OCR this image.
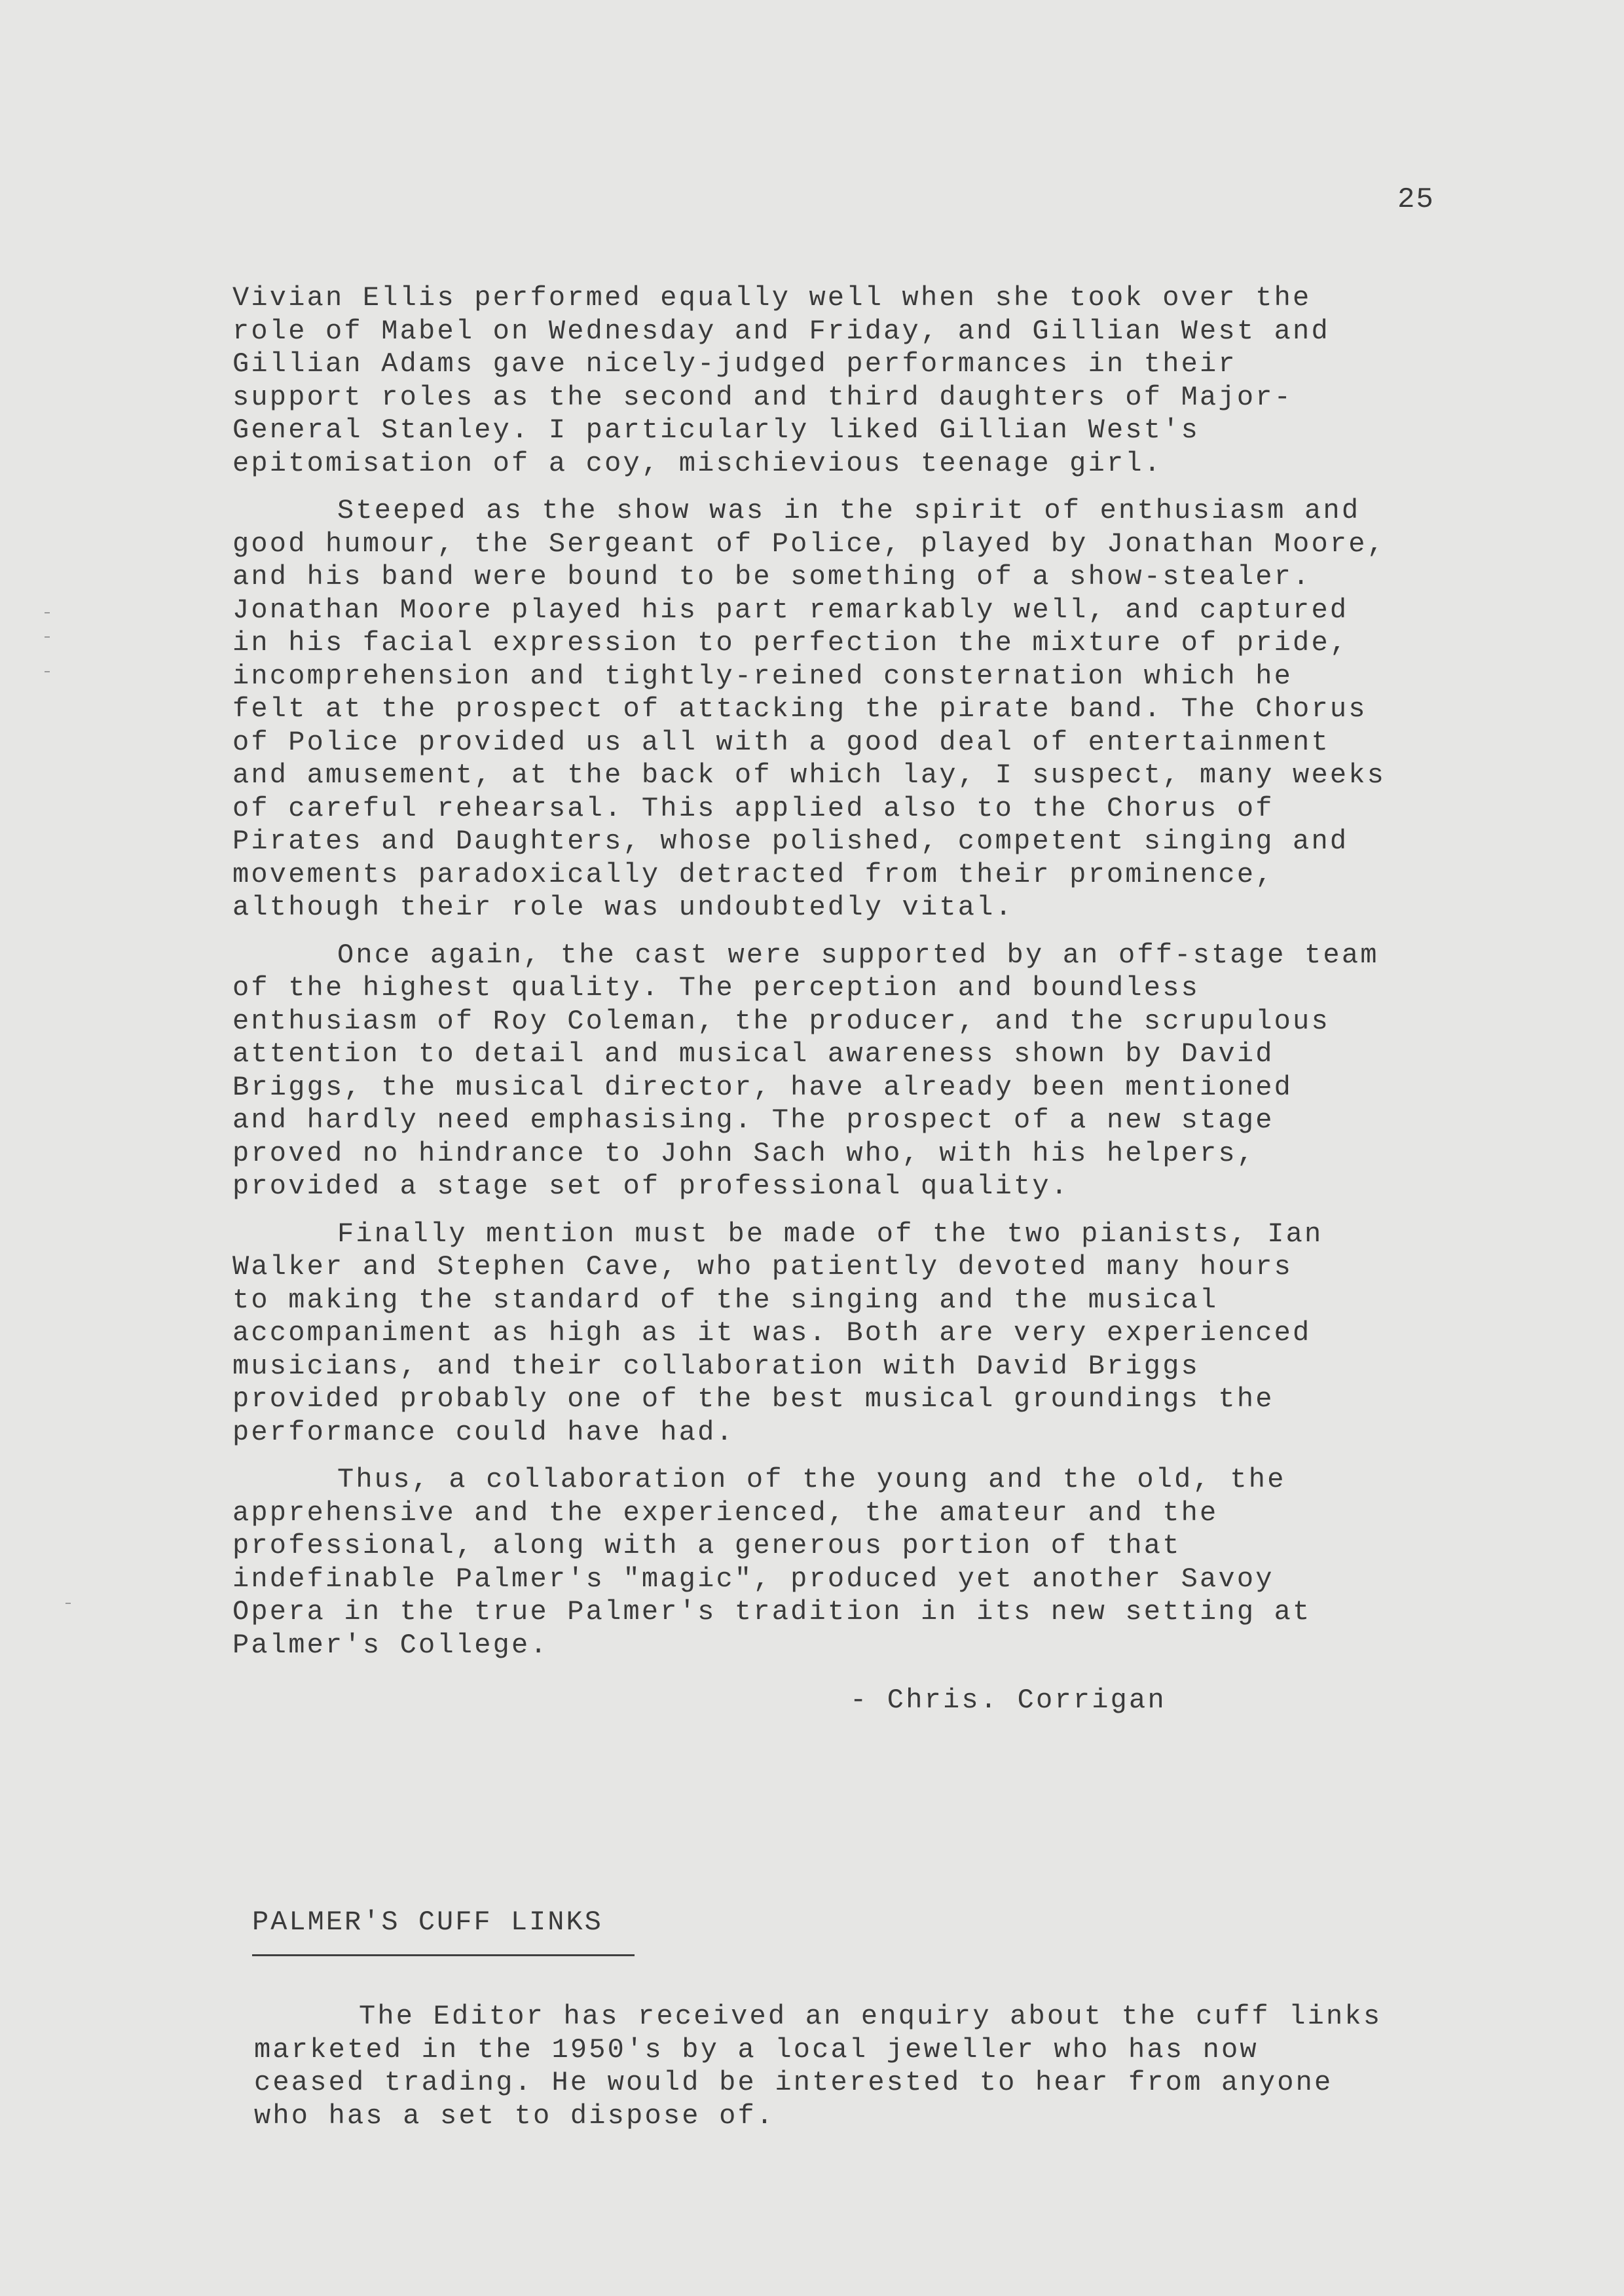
25

Vivian Ellis performed equally well when she took over the
role of Mabel on Wednesday and Friday, and Gillian West and
Gillian Adams gave nicely-judged performances in their
support roles as the second and third daughters of Major-
General Stanley. I particularly liked Gillian West's
epitomisation of a coy, mischievious teenage girl.

Steeped as the show was in the spirit of enthusiasm and
good humour, the Sergeant of Police, played by Jonathan Moore,
and his band were bound to be something of a show-stealer.
Jonathan Moore played his part remarkably well, and captured
in his facial expression to perfection the mixture of pride,
incomprehension and tightly-reined consternation which he
felt at the prospect of attacking the pirate band. The Chorus
of Police provided us all with a good deal of entertainment
and amusement, at the back of which lay, I suspect, many weeks
of careful rehearsal. This applied also to the Chorus of
Pirates and Daughters, whose polished, competent singing and
movements paradoxically detracted from their prominence,
although their role was undoubtedly vital.

Once again, the cast were supported by an off-stage team
of the highest quality. The perception and boundless
enthusiasm of Roy Coleman, the producer, and the scrupulous
attention to detail and musical awareness shown by David
Briggs, the musical director, have already been mentioned
and hardly need emphasising. The prospect of a new stage
proved no hindrance to John Sach who, with his helpers,
provided a stage set of professional quality.

Finally mention must be made of the two pianists, Ian
Walker and Stephen Cave, who patiently devoted many hours
to making the standard of the singing and the musical
accompaniment as high as it was. Both are very experienced
musicians, and their collaboration with David Briggs
provided probably one of the best musical groundings the
performance could have had.

Thus, a collaboration of the young and the old, the
apprehensive and the experienced, the amateur and the
professional, along with a generous portion of that
indefinable Palmer's "magic", produced yet another Savoy
Opera in the true Palmer's tradition in its new setting at
Palmer's College.

- Chris. Corrigan
PALMER'S CUFF LINKS

The Editor has received an enquiry about the cuff links
marketed in the 1950's by a local jeweller who has now
ceased trading. He would be interested to hear from anyone
who has a set to dispose of.
